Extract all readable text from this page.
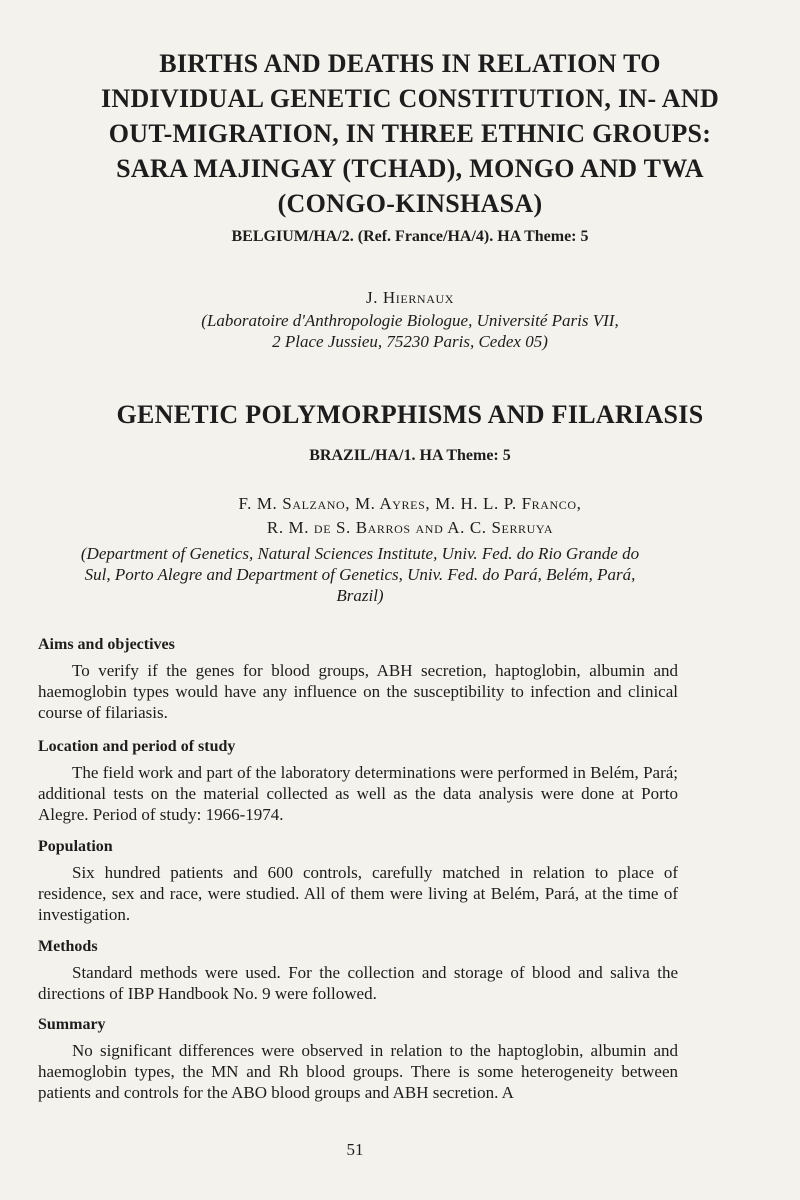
BIRTHS AND DEATHS IN RELATION TO
INDIVIDUAL GENETIC CONSTITUTION, IN- AND
OUT-MIGRATION, IN THREE ETHNIC GROUPS:
SARA MAJINGAY (TCHAD), MONGO AND TWA
(CONGO-KINSHASA)
BELGIUM/HA/2. (Ref. France/HA/4). HA Theme: 5
J. Hiernaux
(Laboratoire d'Anthropologie Biologue, Université Paris VII,
2 Place Jussieu, 75230 Paris, Cedex 05)
GENETIC POLYMORPHISMS AND FILARIASIS
BRAZIL/HA/1. HA Theme: 5
F. M. Salzano, M. Ayres, M. H. L. P. Franco,
R. M. de S. Barros and A. C. Serruya
(Department of Genetics, Natural Sciences Institute, Univ. Fed. do Rio Grande do
Sul, Porto Alegre and Department of Genetics, Univ. Fed. do Pará, Belém, Pará,
Brazil)
Aims and objectives
To verify if the genes for blood groups, ABH secretion, haptoglobin, albumin and haemoglobin types would have any influence on the susceptibility to infection and clinical course of filariasis.
Location and period of study
The field work and part of the laboratory determinations were performed in Belém, Pará; additional tests on the material collected as well as the data analysis were done at Porto Alegre. Period of study: 1966-1974.
Population
Six hundred patients and 600 controls, carefully matched in relation to place of residence, sex and race, were studied. All of them were living at Belém, Pará, at the time of investigation.
Methods
Standard methods were used. For the collection and storage of blood and saliva the directions of IBP Handbook No. 9 were followed.
Summary
No significant differences were observed in relation to the haptoglobin, albumin and haemoglobin types, the MN and Rh blood groups. There is some heterogeneity between patients and controls for the ABO blood groups and ABH secretion. A
51
